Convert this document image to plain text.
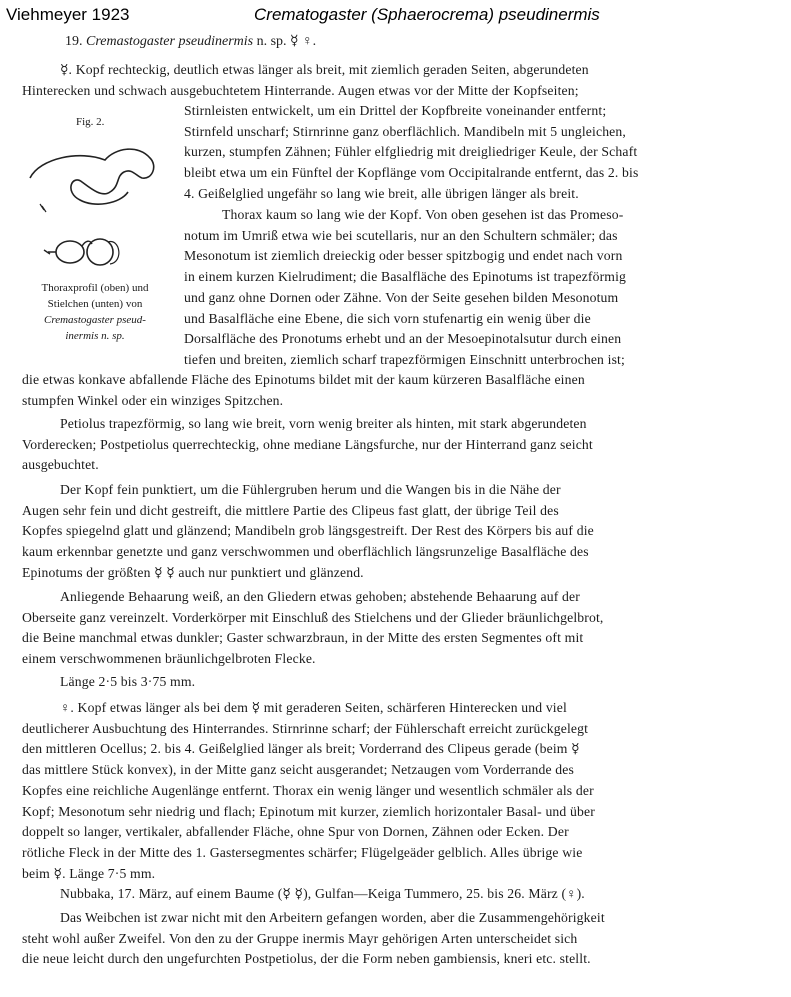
Viehmeyer 1923	Crematogaster (Sphaerocrema) pseudinermis
19. Cremastogaster pseudinermis n. sp. ☿ ♀.
☿. Kopf rechteckig, deutlich etwas länger als breit, mit ziemlich geraden Seiten, abgerundeten
Hinterecken und schwach ausgebuchtetem Hinterrande. Augen etwas vor der Mitte der Kopfseiten;
Fig. 2.
Thoraxprofil (oben) und
Stielchen (unten) von
Cremastogaster pseud-
inermis n. sp.
Stirnleisten entwickelt, um ein Drittel der Kopfbreite voneinander entfernt;
Stirnfeld unscharf; Stirnrinne ganz oberflächlich. Mandibeln mit 5 ungleichen,
kurzen, stumpfen Zähnen; Fühler elfgliedrig mit dreigliedriger Keule, der Schaft
bleibt etwa um ein Fünftel der Kopflänge vom Occipitalrande entfernt, das 2. bis
4. Geißelglied ungefähr so lang wie breit, alle übrigen länger als breit.
Thorax kaum so lang wie der Kopf. Von oben gesehen ist das Promeso-
notum im Umriß etwa wie bei scutellaris, nur an den Schultern schmäler; das
Mesonotum ist ziemlich dreieckig oder besser spitzbogig und endet nach vorn
in einem kurzen Kielrudiment; die Basalfläche des Epinotums ist trapezförmig
und ganz ohne Dornen oder Zähne. Von der Seite gesehen bilden Mesonotum
und Basalfläche eine Ebene, die sich vorn stufenartig ein wenig über die
Dorsalfläche des Pronotums erhebt und an der Mesoepinotalsutur durch einen
tiefen und breiten, ziemlich scharf trapezförmigen Einschnitt unterbrochen ist;
die etwas konkave abfallende Fläche des Epinotums bildet mit der kaum kürzeren Basalfläche einen
stumpfen Winkel oder ein winziges Spitzchen.
Petiolus trapezförmig, so lang wie breit, vorn wenig breiter als hinten, mit stark abgerundeten
Vorderecken; Postpetiolus querrechteckig, ohne mediane Längsfurche, nur der Hinterrand ganz seicht
ausgebuchtet.
Der Kopf fein punktiert, um die Fühlergruben herum und die Wangen bis in die Nähe der
Augen sehr fein und dicht gestreift, die mittlere Partie des Clipeus fast glatt, der übrige Teil des
Kopfes spiegelnd glatt und glänzend; Mandibeln grob längsgestreift. Der Rest des Körpers bis auf die
kaum erkennbar genetzte und ganz verschwommen und oberflächlich längsrunzelige Basalfläche des
Epinotums der größten ☿ ☿ auch nur punktiert und glänzend.
Anliegende Behaarung weiß, an den Gliedern etwas gehoben; abstehende Behaarung auf der
Oberseite ganz vereinzelt. Vorderkörper mit Einschluß des Stielchens und der Glieder bräunlichgelbrot,
die Beine manchmal etwas dunkler; Gaster schwarzbraun, in der Mitte des ersten Segmentes oft mit
einem verschwommenen bräunlichgelbroten Flecke.
Länge 2·5 bis 3·75 mm.
♀. Kopf etwas länger als bei dem ☿ mit geraderen Seiten, schärferen Hinterecken und viel
deutlicherer Ausbuchtung des Hinterrandes. Stirnrinne scharf; der Fühlerschaft erreicht zurückgelegt
den mittleren Ocellus; 2. bis 4. Geißelglied länger als breit; Vorderrand des Clipeus gerade (beim ☿
das mittlere Stück konvex), in der Mitte ganz seicht ausgerandet; Netzaugen vom Vorderrande des
Kopfes eine reichliche Augenlänge entfernt. Thorax ein wenig länger und wesentlich schmäler als der
Kopf; Mesonotum sehr niedrig und flach; Epinotum mit kurzer, ziemlich horizontaler Basal- und über
doppelt so langer, vertikaler, abfallender Fläche, ohne Spur von Dornen, Zähnen oder Ecken. Der
rötliche Fleck in der Mitte des 1. Gastersegmentes schärfer; Flügelgeäder gelblich. Alles übrige wie
beim ☿. Länge 7·5 mm.
Nubbaka, 17. März, auf einem Baume (☿ ☿), Gulfan—Keiga Tummero, 25. bis 26. März (♀).
Das Weibchen ist zwar nicht mit den Arbeitern gefangen worden, aber die Zusammengehörigkeit
steht wohl außer Zweifel. Von den zu der Gruppe inermis Mayr gehörigen Arten unterscheidet sich
die neue leicht durch den ungefurchten Postpetiolus, der die Form neben gambiensis, kneri etc. stellt.
